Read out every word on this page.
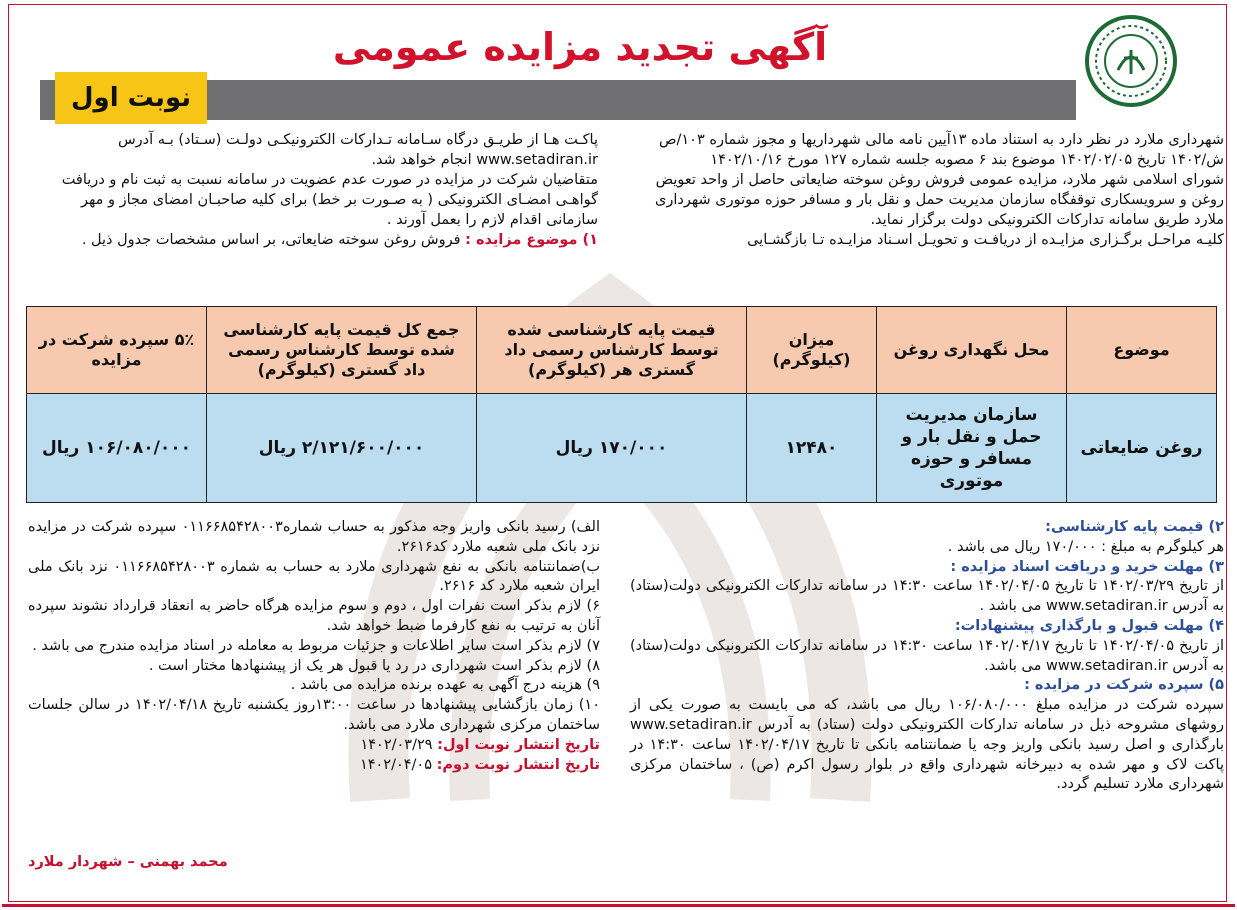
آگهی تجدید مزایده عمومی
نوبت اول

شهرداری ملارد در نظر دارد به استناد ماده ۱۳آیین نامه مالی شهرداریها و مجوز شماره ۱۰۳/ص

ش/۱۴۰۲ تاریخ ۱۴۰۲/۰۲/۰۵ موضوع بند ۶ مصوبه جلسه شماره ۱۲۷ مورخ ۱۴۰۲/۱۰/۱۶

شورای اسلامی شهر ملارد، مزایده عمومی فروش روغن سوخته ضایعاتی حاصل از واحد تعویض

روغن و سرویسکاری توقفگاه سازمان مدیریت حمل و نقل بار و مسافر حوزه موتوری شهرداری

ملارد طریق سامانه تدارکات الکترونیکی دولت برگزار نماید.

کلیـه مراحـل برگـزاری مزایـده از دریافـت و تحویـل اسـناد مزایـده تـا بازگشـایی

پاکـت هـا از طریـق درگاه سـامانه تـدارکات الکترونیکـی دولـت (سـتاد) بـه آدرس

www.setadiran.ir انجام خواهد شد.

متقاضیان شرکت در مزایده در صورت عدم عضویت در سامانه نسبت به ثبت نام و دریافت

گواهـی امضـای الکترونیکی ( به صـورت بر خط) برای کلیه صاحبـان امضای مجاز و مهر

سازمانی اقدام لازم را بعمل آورند .

۱) موضوع مزایده : فروش روغن سوخته ضایعاتی، بر اساس مشخصات جدول ذیل .

موضوع	محل نگهداری روغن	میزان (کیلوگرم)	قیمت پایه کارشناسی شده توسط کارشناس رسمی داد گستری هر (کیلوگرم)	جمع کل قیمت پایه کارشناسی شده توسط کارشناس رسمی داد گستری (کیلوگرم)	۵٪ سپرده شرکت در مزایده
روغن ضایعاتی	سازمان مدیریت حمل و نقل بار و مسافر و حوزه موتوری	۱۲۴۸۰	۱۷۰/۰۰۰ ریال	۲/۱۲۱/۶۰۰/۰۰۰ ریال	۱۰۶/۰۸۰/۰۰۰ ریال

۲) قیمت پایه کارشناسی:

هر کیلوگرم به مبلغ : ۱۷۰/۰۰۰ ریال می باشد .

۳) مهلت خرید و دریافت اسناد مزایده :

از تاریخ ۱۴۰۲/۰۳/۲۹ تا تاریخ ۱۴۰۲/۰۴/۰۵ ساعت ۱۴:۳۰ در سامانه تدارکات الکترونیکی دولت(ستاد) به آدرس www.setadiran.ir می باشد .

۴) مهلت قبول و بارگذاری پیشنهادات:

از تاریخ ۱۴۰۲/۰۴/۰۵ تا تاریخ ۱۴۰۲/۰۴/۱۷ ساعت ۱۴:۳۰ در سامانه تدارکات الکترونیکی دولت(ستاد) به آدرس www.setadiran.ir می باشد.

۵) سپرده شرکت در مزایده :

سپرده شرکت در مزایده مبلغ ۱۰۶/۰۸۰/۰۰۰ ریال می باشد، که می بایست به صورت یکی از روشهای مشروحه ذیل در سامانه تدارکات الکترونیکی دولت (ستاد) به آدرس www.setadiran.ir بارگذاری و اصل رسید بانکی واریز وجه یا ضمانتنامه بانکی تا تاریخ ۱۴۰۲/۰۴/۱۷ ساعت ۱۴:۳۰ در پاکت لاک و مهر شده به دبیرخانه شهرداری واقع در بلوار رسول اکرم (ص) ، ساختمان مرکزی شهرداری ملارد تسلیم گردد.

الف) رسید بانکی واریز وجه مذکور به حساب شماره۰۱۱۶۶۸۵۴۲۸۰۰۳ سپرده شرکت در مزایده نزد بانک ملی شعبه ملارد کد۲۶۱۶.

ب)ضمانتنامه بانکی به نفع شهرداری ملارد به حساب به شماره ۰۱۱۶۶۸۵۴۲۸۰۰۳ نزد بانک ملی ایران شعبه ملارد کد ۲۶۱۶.

۶) لازم بذکر است نفرات اول ، دوم و سوم مزایده هرگاه حاضر به انعقاد قرارداد نشوند سپرده آنان به ترتیب به نفع کارفرما ضبط خواهد شد.

۷) لازم بذکر است سایر اطلاعات و جزئیات مربوط به معامله در اسناد مزایده مندرج می باشد .

۸) لازم بذکر است شهرداری در رد یا قبول هر یک از پیشنهادها مختار است .

۹) هزینه درج آگهی به عهده برنده مزایده می باشد .

۱۰) زمان بازگشایی پیشنهادها در ساعت ۱۳:۰۰روز یکشنبه تاریخ ۱۴۰۲/۰۴/۱۸ در سالن جلسات ساختمان مرکزی شهرداری ملارد می باشد.

تاریخ انتشار نوبت اول: ۱۴۰۲/۰۳/۲۹

تاریخ انتشار نوبت دوم: ۱۴۰۲/۰۴/۰۵

محمد بهمنی – شهردار ملارد
